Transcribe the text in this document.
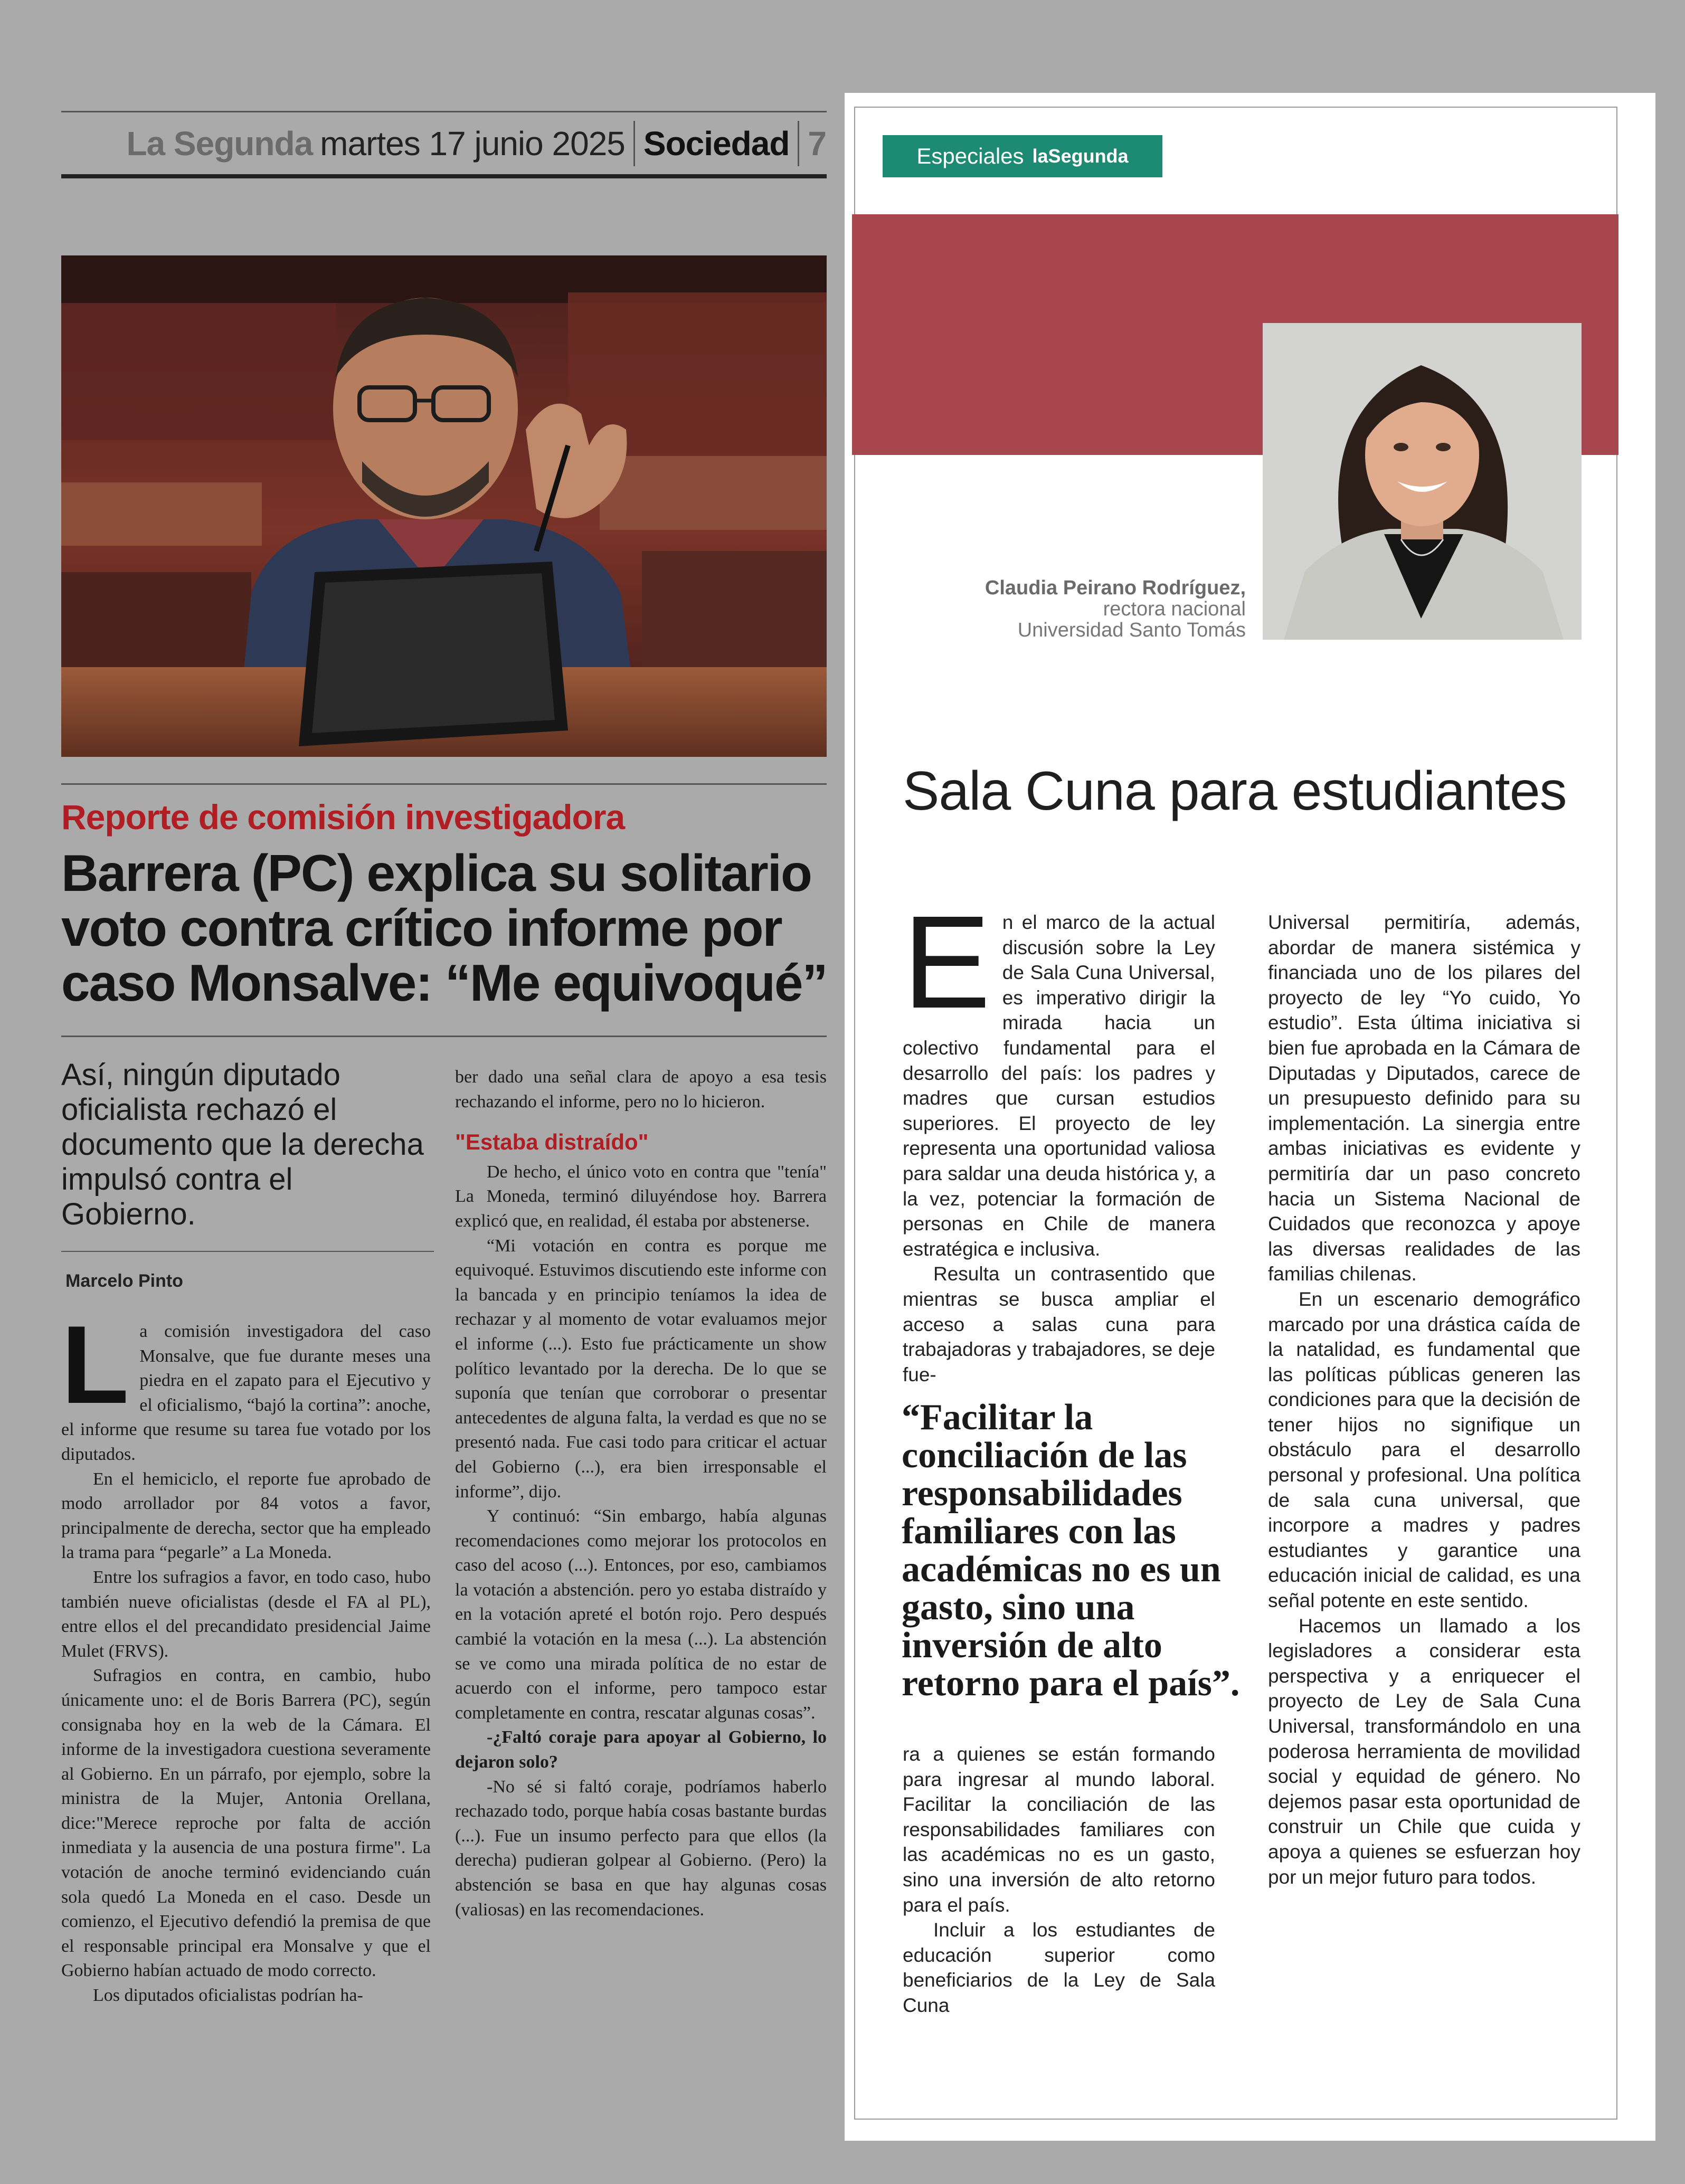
La Segunda martes 17 junio 2025 Sociedad 7
Reporte de comisión investigadora
Barrera (PC) explica su solitario voto contra crítico informe por caso Monsalve: “Me equivoqué”
Así, ningún diputado oficialista rechazó el documento que la derecha impulsó contra el Gobierno.
Marcelo Pinto

La comisión investigadora del caso Monsalve, que fue durante meses una piedra en el zapato para el Ejecutivo y el oficialismo, “bajó la cortina”: anoche, el informe que resume su tarea fue votado por los diputados.

En el hemiciclo, el reporte fue aprobado de modo arrollador por 84 votos a favor, principalmente de derecha, sector que ha empleado la trama para “pegarle” a La Moneda.

Entre los sufragios a favor, en todo caso, hubo también nueve oficialistas (desde el FA al PL), entre ellos el del precandidato presidencial Jaime Mulet (FRVS).

Sufragios en contra, en cambio, hubo únicamente uno: el de Boris Barrera (PC), según consignaba hoy en la web de la Cámara. El informe de la investigadora cuestiona severamente al Gobierno. En un párrafo, por ejemplo, sobre la ministra de la Mujer, Antonia Orellana, dice:"Merece reproche por falta de acción inmediata y la ausencia de una postura firme". La votación de anoche terminó evidenciando cuán sola quedó La Moneda en el caso. Desde un comienzo, el Ejecutivo defendió la premisa de que el responsable principal era Monsalve y que el Gobierno habían actuado de modo correcto.

Los diputados oficialistas podrían ha-

ber dado una señal clara de apoyo a esa tesis rechazando el informe, pero no lo hicieron.

"Estaba distraído"

De hecho, el único voto en contra que "tenía" La Moneda, terminó diluyéndose hoy. Barrera explicó que, en realidad, él estaba por abstenerse.

“Mi votación en contra es porque me equivoqué. Estuvimos discutiendo este informe con la bancada y en principio teníamos la idea de rechazar y al momento de votar evaluamos mejor el informe (...). Esto fue prácticamente un show político levantado por la derecha. De lo que se suponía que tenían que corroborar o presentar antecedentes de alguna falta, la verdad es que no se presentó nada. Fue casi todo para criticar el actuar del Gobierno (...), era bien irresponsable el informe”, dijo.

Y continuó: “Sin embargo, había algunas recomendaciones como mejorar los protocolos en caso del acoso (...). Entonces, por eso, cambiamos la votación a abstención. pero yo estaba distraído y en la votación apreté el botón rojo. Pero después cambié la votación en la mesa (...). La abstención se ve como una mirada política de no estar de acuerdo con el informe, pero tampoco estar completamente en contra, rescatar algunas cosas”.

-¿Faltó coraje para apoyar al Gobierno, lo dejaron solo?

-No sé si faltó coraje, podríamos haberlo rechazado todo, porque había cosas bastante burdas (...). Fue un insumo perfecto para que ellos (la derecha) pudieran golpear al Gobierno. (Pero) la abstención se basa en que hay algunas cosas (valiosas) en las recomendaciones.

Especiales laSegunda
Claudia Peirano Rodríguez,
rectora nacional
Universidad Santo Tomás
Sala Cuna para estudiantes

En el marco de la actual discusión sobre la Ley de Sala Cuna Universal, es imperativo dirigir la mirada hacia un colectivo fundamental para el desarrollo del país: los padres y madres que cursan estudios superiores. El proyecto de ley representa una oportunidad valiosa para saldar una deuda histórica y, a la vez, potenciar la formación de personas en Chile de manera estratégica e inclusiva.

Resulta un contrasentido que mientras se busca ampliar el acceso a salas cuna para trabajadoras y trabajadores, se deje fue-

“Facilitar la conciliación de las responsabilidades familiares con las académicas no es un gasto, sino una inversión de alto retorno para el país”.

ra a quienes se están formando para ingresar al mundo laboral. Facilitar la conciliación de las responsabilidades familiares con las académicas no es un gasto, sino una inversión de alto retorno para el país.

Incluir a los estudiantes de educación superior como beneficiarios de la Ley de Sala Cuna

Universal permitiría, además, abordar de manera sistémica y financiada uno de los pilares del proyecto de ley “Yo cuido, Yo estudio”. Esta última iniciativa si bien fue aprobada en la Cámara de Diputadas y Diputados, carece de un presupuesto definido para su implementación. La sinergia entre ambas iniciativas es evidente y permitiría dar un paso concreto hacia un Sistema Nacional de Cuidados que reconozca y apoye las diversas realidades de las familias chilenas.

En un escenario demográfico marcado por una drástica caída de la natalidad, es fundamental que las políticas públicas generen las condiciones para que la decisión de tener hijos no signifique un obstáculo para el desarrollo personal y profesional. Una política de sala cuna universal, que incorpore a madres y padres estudiantes y garantice una educación inicial de calidad, es una señal potente en este sentido.

Hacemos un llamado a los legisladores a considerar esta perspectiva y a enriquecer el proyecto de Ley de Sala Cuna Universal, transformándolo en una poderosa herramienta de movilidad social y equidad de género. No dejemos pasar esta oportunidad de construir un Chile que cuida y apoya a quienes se esfuerzan hoy por un mejor futuro para todos.
